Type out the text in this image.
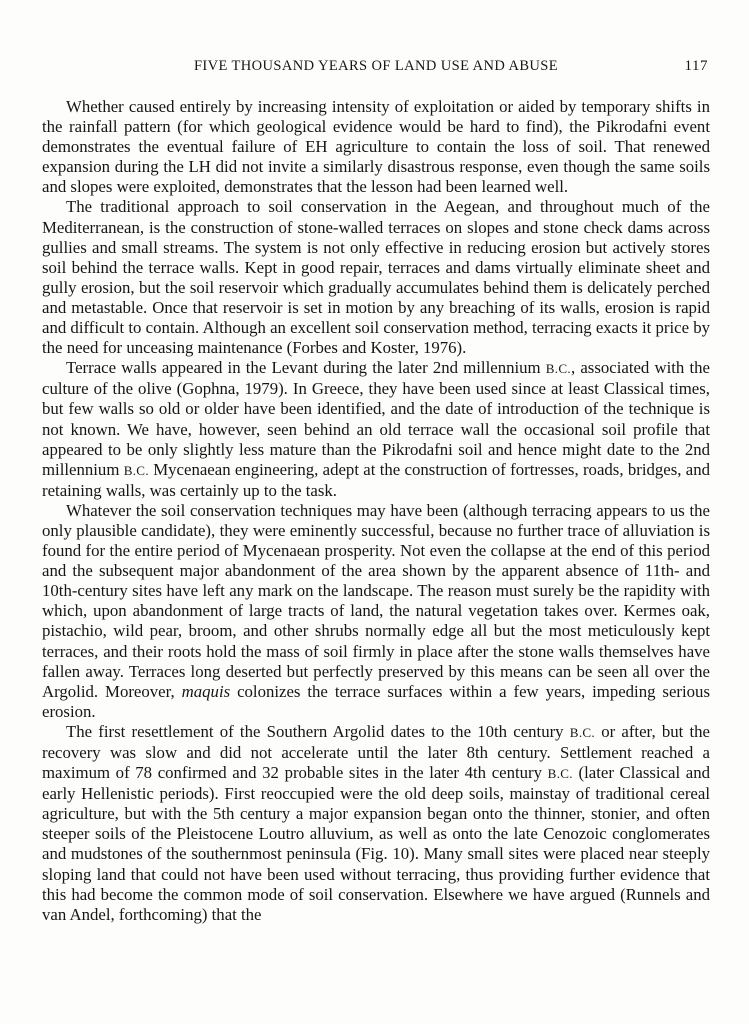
FIVE THOUSAND YEARS OF LAND USE AND ABUSE	117

Whether caused entirely by increasing intensity of exploitation or aided by temporary shifts in the rainfall pattern (for which geological evidence would be hard to find), the Pikrodafni event demonstrates the eventual failure of EH agriculture to contain the loss of soil. That renewed expansion during the LH did not invite a similarly disastrous response, even though the same soils and slopes were exploited, demonstrates that the lesson had been learned well.

The traditional approach to soil conservation in the Aegean, and throughout much of the Mediterranean, is the construction of stone-walled terraces on slopes and stone check dams across gullies and small streams. The system is not only effective in reducing erosion but actively stores soil behind the terrace walls. Kept in good repair, terraces and dams virtually eliminate sheet and gully erosion, but the soil reservoir which gradually accumulates behind them is delicately perched and metastable. Once that reservoir is set in motion by any breaching of its walls, erosion is rapid and difficult to contain. Although an excellent soil conservation method, terracing exacts it price by the need for unceasing maintenance (Forbes and Koster, 1976).

Terrace walls appeared in the Levant during the later 2nd millennium B.C., associated with the culture of the olive (Gophna, 1979). In Greece, they have been used since at least Classical times, but few walls so old or older have been identified, and the date of introduction of the technique is not known. We have, however, seen behind an old terrace wall the occasional soil profile that appeared to be only slightly less mature than the Pikrodafni soil and hence might date to the 2nd millennium B.C. Mycenaean engineering, adept at the construction of fortresses, roads, bridges, and retaining walls, was certainly up to the task.

Whatever the soil conservation techniques may have been (although terracing appears to us the only plausible candidate), they were eminently successful, because no further trace of alluviation is found for the entire period of Mycenaean prosperity. Not even the collapse at the end of this period and the subsequent major abandonment of the area shown by the apparent absence of 11th- and 10th-century sites have left any mark on the landscape. The reason must surely be the rapidity with which, upon abandonment of large tracts of land, the natural vegetation takes over. Kermes oak, pistachio, wild pear, broom, and other shrubs normally edge all but the most meticulously kept terraces, and their roots hold the mass of soil firmly in place after the stone walls themselves have fallen away. Terraces long deserted but perfectly preserved by this means can be seen all over the Argolid. Moreover, maquis colonizes the terrace surfaces within a few years, impeding serious erosion.

The first resettlement of the Southern Argolid dates to the 10th century B.C. or after, but the recovery was slow and did not accelerate until the later 8th century. Settlement reached a maximum of 78 confirmed and 32 probable sites in the later 4th century B.C. (later Classical and early Hellenistic periods). First reoccupied were the old deep soils, mainstay of traditional cereal agriculture, but with the 5th century a major expansion began onto the thinner, stonier, and often steeper soils of the Pleistocene Loutro alluvium, as well as onto the late Cenozoic conglomerates and mudstones of the southernmost peninsula (Fig. 10). Many small sites were placed near steeply sloping land that could not have been used without terracing, thus providing further evidence that this had become the common mode of soil conservation. Elsewhere we have argued (Runnels and van Andel, forthcoming) that the
